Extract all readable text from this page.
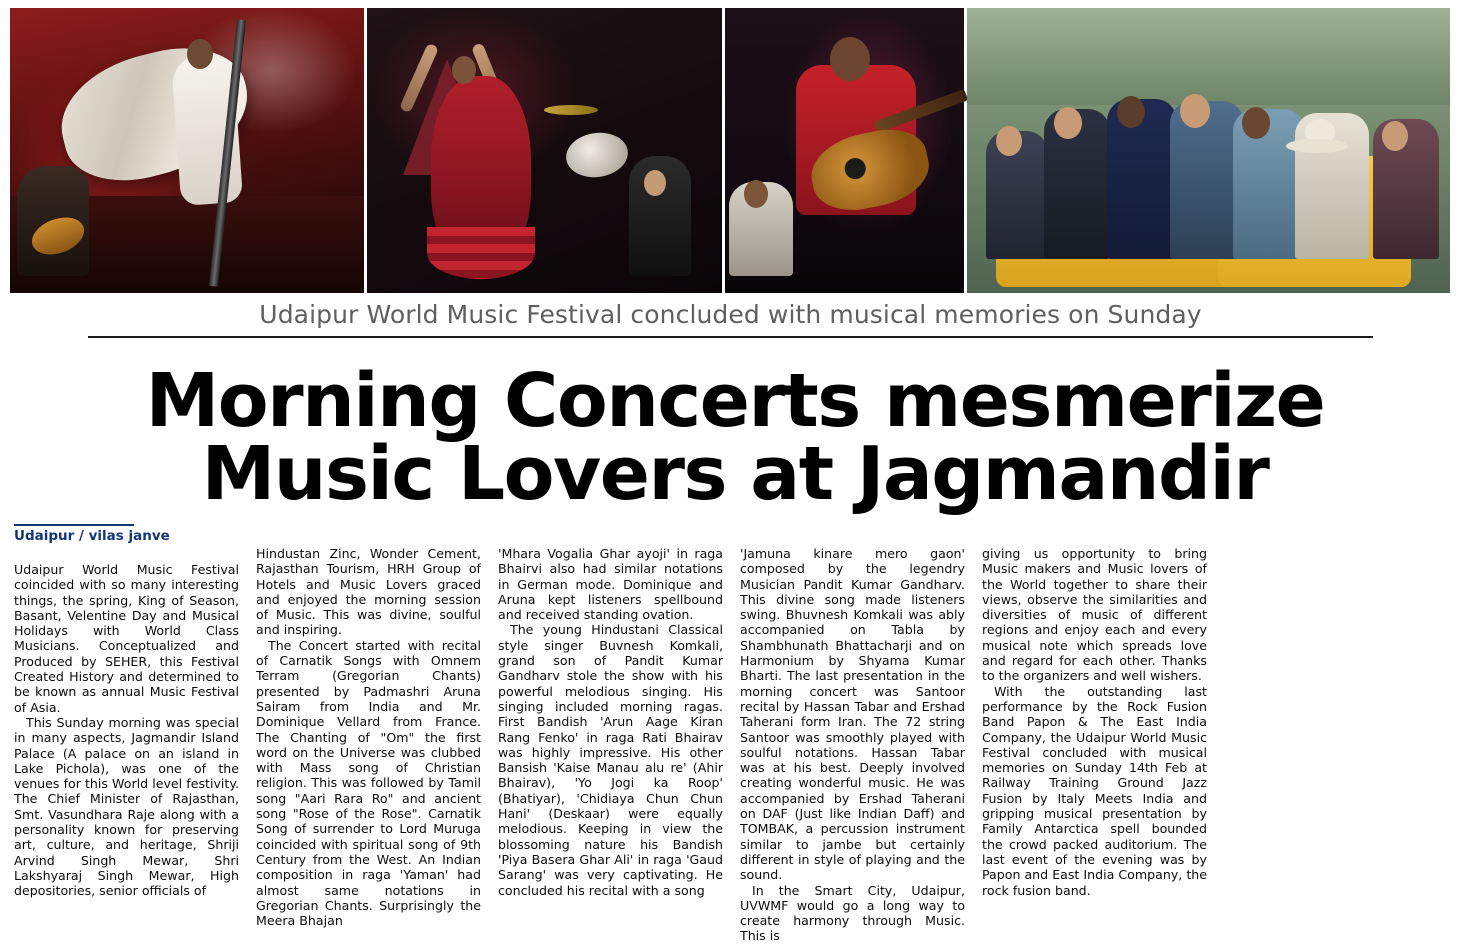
Udaipur World Music Festival concluded with musical memories on Sunday
Morning Concerts mesmerize
Music Lovers at Jagmandir
Udaipur / vilas janve

Udaipur World Music Festival coincided with so many interesting things, the spring, King of Season, Basant, Velentine Day and Musical Holidays with World Class Musicians. Conceptualized and Produced by SEHER, this Festival Created History and determined to be known as annual Music Festival of Asia.

This Sunday morning was special in many aspects, Jagmandir Island Palace (A palace on an island in Lake Pichola), was one of the venues for this World level festivity. The Chief Minister of Rajasthan, Smt. Vasundhara Raje along with a personality known for preserving art, culture, and heritage, Shriji Arvind Singh Mewar, Shri Lakshyaraj Singh Mewar, High depositories, senior officials of

Hindustan Zinc, Wonder Cement, Rajasthan Tourism, HRH Group of Hotels and Music Lovers graced and enjoyed the morning session of Music. This was divine, soulful and inspiring.

The Concert started with recital of Carnatik Songs with Omnem Terram (Gregorian Chants) presented by Padmashri Aruna Sairam from India and Mr. Dominique Vellard from France. The Chanting of "Om" the first word on the Universe was clubbed with Mass song of Christian religion. This was followed by Tamil song "Aari Rara Ro" and ancient song "Rose of the Rose". Carnatik Song of surrender to Lord Muruga coincided with spiritual song of 9th Century from the West. An Indian composition in raga 'Yaman' had almost same notations in Gregorian Chants. Surprisingly the Meera Bhajan

'Mhara Vogalia Ghar ayoji' in raga Bhairvi also had similar notations in German mode. Dominique and Aruna kept listeners spellbound and received standing ovation.

The young Hindustani Classical style singer Buvnesh Komkali, grand son of Pandit Kumar Gandharv stole the show with his powerful melodious singing. His singing included morning ragas. First Bandish 'Arun Aage Kiran Rang Fenko' in raga Rati Bhairav was highly impressive. His other Bansish 'Kaise Manau alu re' (Ahir Bhairav), 'Yo Jogi ka Roop' (Bhatiyar), 'Chidiaya Chun Chun Hani' (Deskaar) were equally melodious. Keeping in view the blossoming nature his Bandish 'Piya Basera Ghar Ali' in raga 'Gaud Sarang' was very captivating. He concluded his recital with a song

'Jamuna kinare mero gaon' composed by the legendry Musician Pandit Kumar Gandharv. This divine song made listeners swing. Bhuvnesh Komkali was ably accompanied on Tabla by Shambhunath Bhattacharji and on Harmonium by Shyama Kumar Bharti. The last presentation in the morning concert was Santoor recital by Hassan Tabar and Ershad Taherani form Iran. The 72 string Santoor was smoothly played with soulful notations. Hassan Tabar was at his best. Deeply involved creating wonderful music. He was accompanied by Ershad Taherani on DAF (Just like Indian Daff) and TOMBAK, a percussion instrument similar to jambe but certainly different in style of playing and the sound.

In the Smart City, Udaipur, UVWMF would go a long way to create harmony through Music. This is

giving us opportunity to bring Music makers and Music lovers of the World together to share their views, observe the similarities and diversities of music of different regions and enjoy each and every musical note which spreads love and regard for each other. Thanks to the organizers and well wishers.

With the outstanding last performance by the Rock Fusion Band Papon & The East India Company, the Udaipur World Music Festival concluded with musical memories on Sunday 14th Feb at Railway Training Ground Jazz Fusion by Italy Meets India and gripping musical presentation by Family Antarctica spell bounded the crowd packed auditorium. The last event of the evening was by Papon and East India Company, the rock fusion band.
